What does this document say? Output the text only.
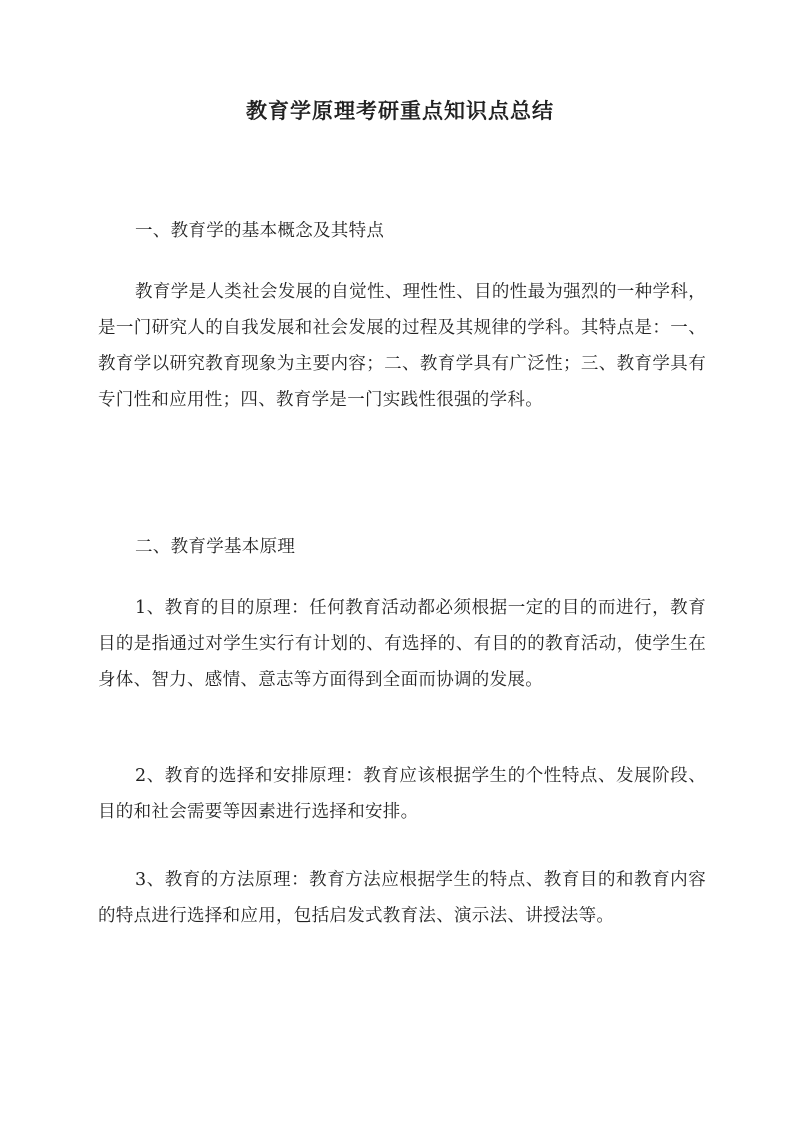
教育学原理考研重点知识点总结
一、教育学的基本概念及其特点
教育学是人类社会发展的自觉性、理性性、目的性最为强烈的一种学科，是一门研究人的自我发展和社会发展的过程及其规律的学科。其特点是：一、教育学以研究教育现象为主要内容；二、教育学具有广泛性；三、教育学具有专门性和应用性；四、教育学是一门实践性很强的学科。
二、教育学基本原理
1、教育的目的原理：任何教育活动都必须根据一定的目的而进行，教育目的是指通过对学生实行有计划的、有选择的、有目的的教育活动，使学生在身体、智力、感情、意志等方面得到全面而协调的发展。
2、教育的选择和安排原理：教育应该根据学生的个性特点、发展阶段、目的和社会需要等因素进行选择和安排。
3、教育的方法原理：教育方法应根据学生的特点、教育目的和教育内容的特点进行选择和应用，包括启发式教育法、演示法、讲授法等。
